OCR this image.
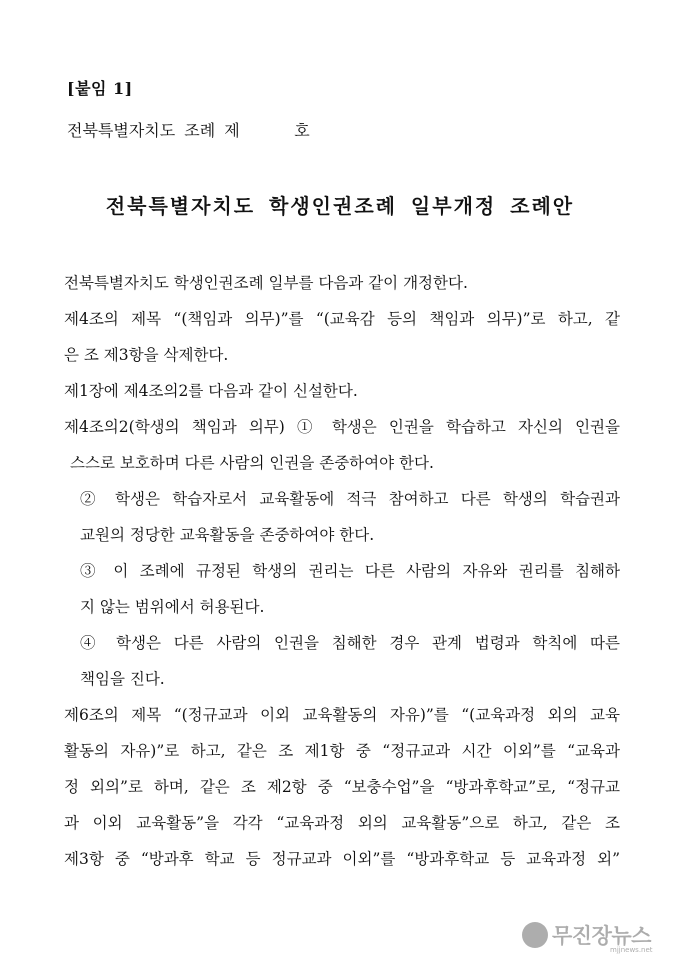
[붙임 1]
전북특별자치도 조례 제      호
전북특별자치도 학생인권조례 일부개정 조례안
전북특별자치도 학생인권조례 일부를 다음과 같이 개정한다.
제4조의 제목 “(책임과 의무)”를 “(교육감 등의 책임과 의무)”로 하고, 같
은 조 제3항을 삭제한다.
제1장에 제4조의2를 다음과 같이 신설한다.
제4조의2(학생의 책임과 의무) ① 학생은 인권을 학습하고 자신의 인권을
스스로 보호하며 다른 사람의 인권을 존중하여야 한다.
② 학생은 학습자로서 교육활동에 적극 참여하고 다른 학생의 학습권과
교원의 정당한 교육활동을 존중하여야 한다.
③ 이 조례에 규정된 학생의 권리는 다른 사람의 자유와 권리를 침해하
지 않는 범위에서 허용된다.
④ 학생은 다른 사람의 인권을 침해한 경우 관계 법령과 학칙에 따른
책임을 진다.
제6조의 제목 “(정규교과 이외 교육활동의 자유)”를 “(교육과정 외의 교육
활동의 자유)”로 하고, 같은 조 제1항 중 “정규교과 시간 이외”를 “교육과
정 외의”로 하며, 같은 조 제2항 중 “보충수업”을 “방과후학교”로, “정규교
과 이외 교육활동”을 각각 “교육과정 외의 교육활동”으로 하고, 같은 조
제3항 중 “방과후 학교 등 정규교과 이외”를 “방과후학교 등 교육과정 외”
무진장뉴스
mjjnews.net
